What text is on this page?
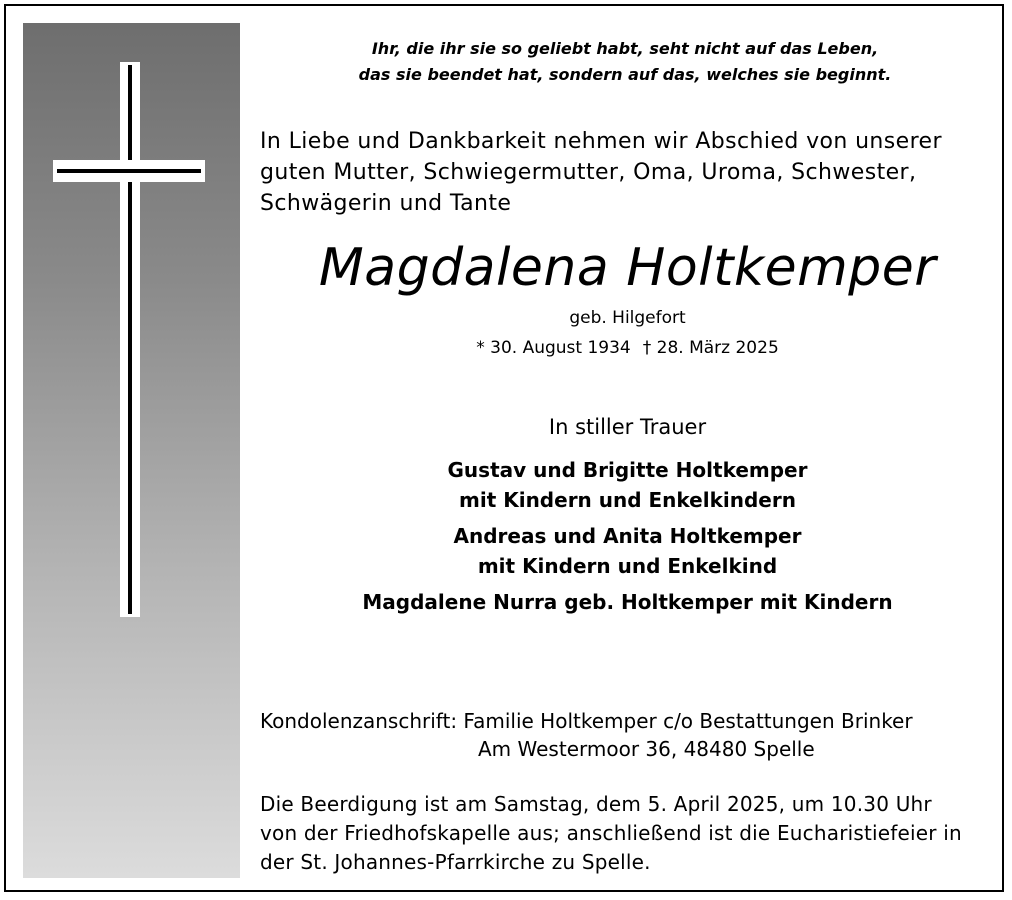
Ihr, die ihr sie so geliebt habt, seht nicht auf das Leben,
das sie beendet hat, sondern auf das, welches sie beginnt.
In Liebe und Dankbarkeit nehmen wir Abschied von unserer guten Mutter, Schwiegermutter, Oma, Uroma, Schwester, Schwägerin und Tante
Magdalena Holtkemper
geb. Hilgefort
* 30. August 1934 † 28. März 2025
In stiller Trauer
Gustav und Brigitte Holtkemper
mit Kindern und Enkelkindern
Andreas und Anita Holtkemper
mit Kindern und Enkelkind
Magdalene Nurra geb. Holtkemper mit Kindern
Kondolenzanschrift: Familie Holtkemper c/o Bestattungen Brinker
Am Westermoor 36, 48480 Spelle
Die Beerdigung ist am Samstag, dem 5. April 2025, um 10.30 Uhr
von der Friedhofskapelle aus; anschließend ist die Eucharistiefeier in
der St. Johannes-Pfarrkirche zu Spelle.
